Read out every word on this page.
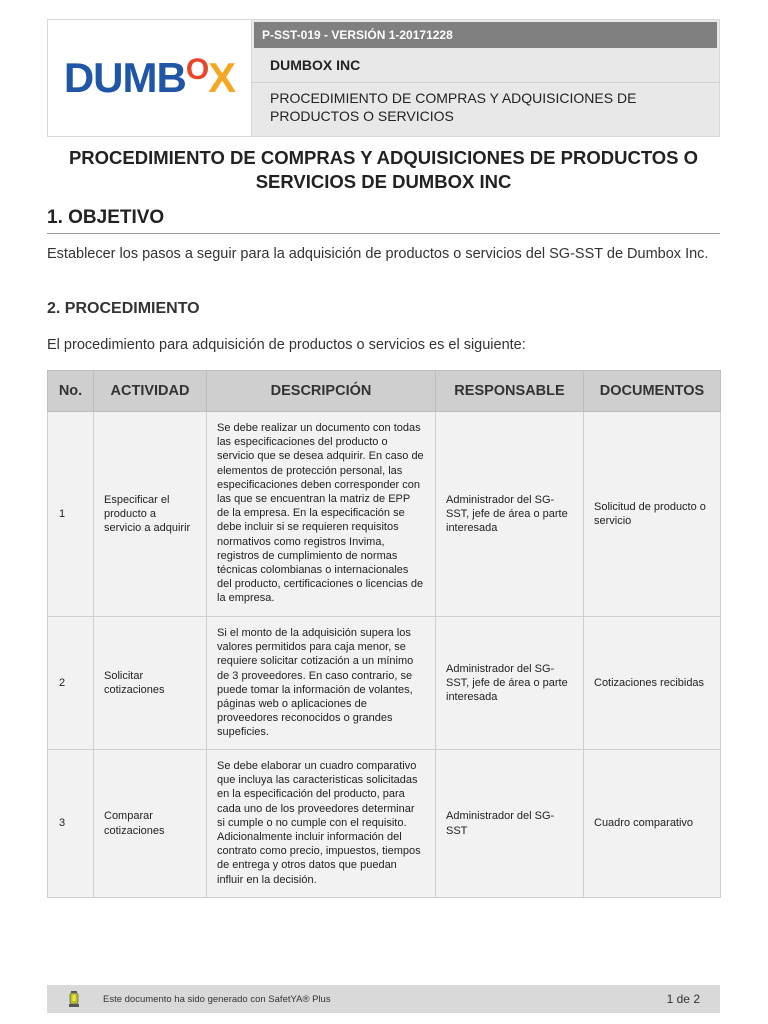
DUMB O X
P-SST-019 - VERSIÓN 1-20171228
DUMBOX INC
PROCEDIMIENTO DE COMPRAS Y ADQUISICIONES DE PRODUCTOS O SERVICIOS
PROCEDIMIENTO DE COMPRAS Y ADQUISICIONES DE PRODUCTOS O SERVICIOS DE DUMBOX INC
1. OBJETIVO
Establecer los pasos a seguir para la adquisición de productos o servicios del SG-SST de Dumbox Inc.
2. PROCEDIMIENTO
El procedimiento para adquisición de productos o servicios es el siguiente:
No.	ACTIVIDAD	DESCRIPCIÓN	RESPONSABLE	DOCUMENTOS
1	Especificar el producto a servicio a adquirir	Se debe realizar un documento con todas las especificaciones del producto o servicio que se desea adquirir. En caso de elementos de protección personal, las especificaciones deben corresponder con las que se encuentran la matriz de EPP de la empresa. En la especificación se debe incluir si se requieren requisitos normativos como registros Invima, registros de cumplimiento de normas técnicas colombianas o internacionales del producto, certificaciones o licencias de la empresa.	Administrador del SG-SST, jefe de área o parte interesada	Solicitud de producto o servicio
2	Solicitar cotizaciones	Si el monto de la adquisición supera los valores permitidos para caja menor, se requiere solicitar cotización a un mínimo de 3 proveedores. En caso contrario, se puede tomar la información de volantes, páginas web o aplicaciones de proveedores reconocidos o grandes supeficies.	Administrador del SG-SST, jefe de área o parte interesada	Cotizaciones recibidas
3	Comparar cotizaciones	Se debe elaborar un cuadro comparativo que incluya las caracteristicas solicitadas en la especificación del producto, para cada uno de los proveedores determinar si cumple o no cumple con el requisito. Adicionalmente incluir información del contrato como precio, impuestos, tiempos de entrega y otros datos que puedan influir en la decisión.	Administrador del SG-SST	Cuadro comparativo
Este documento ha sido generado con SafetYA® Plus	1 de 2
